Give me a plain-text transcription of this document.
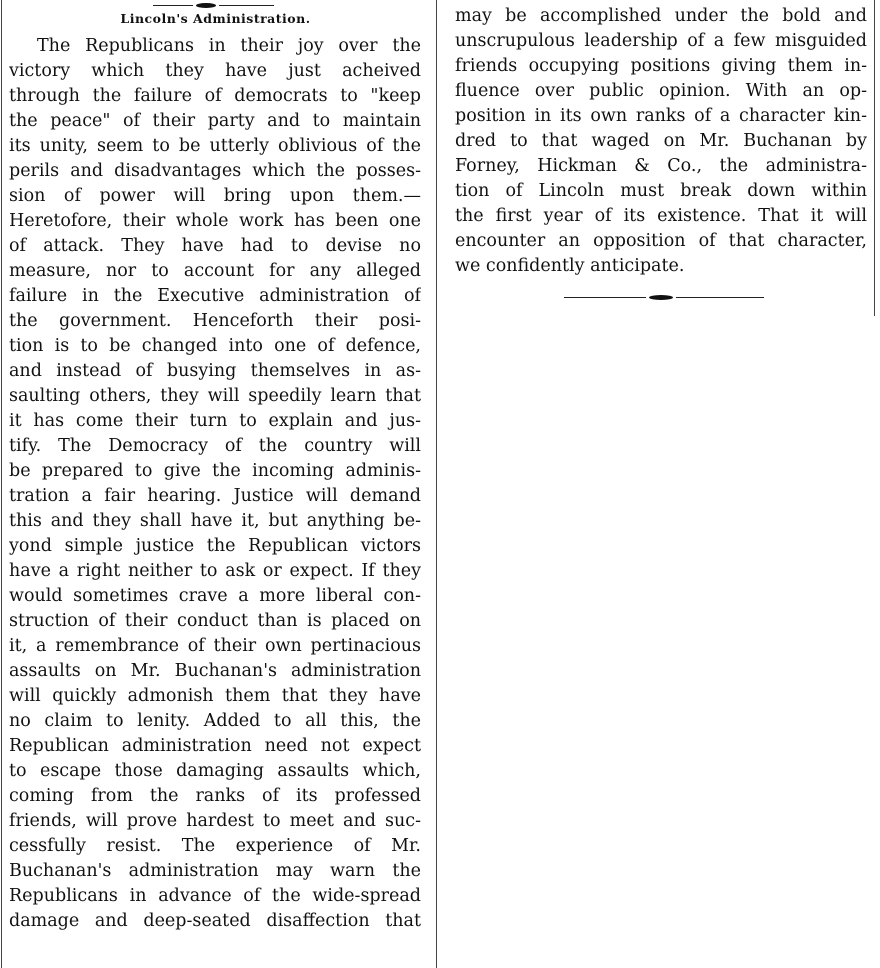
Lincoln's Administration.

The Republicans in their joy over the

victory which they have just acheived

through the failure of democrats to "keep

the peace" of their party and to maintain

its unity, seem to be utterly oblivious of the

perils and disadvantages which the posses-

sion of power will bring upon them.—

Heretofore, their whole work has been one

of attack. They have had to devise no

measure, nor to account for any alleged

failure in the Executive administration of

the government. Henceforth their posi-

tion is to be changed into one of defence,

and instead of busying themselves in as-

saulting others, they will speedily learn that

it has come their turn to explain and jus-

tify. The Democracy of the country will

be prepared to give the incoming adminis-

tration a fair hearing. Justice will demand

this and they shall have it, but anything be-

yond simple justice the Republican victors

have a right neither to ask or expect. If they

would sometimes crave a more liberal con-

struction of their conduct than is placed on

it, a remembrance of their own pertinacious

assaults on Mr. Buchanan's administration

will quickly admonish them that they have

no claim to lenity. Added to all this, the

Republican administration need not expect

to escape those damaging assaults which,

coming from the ranks of its professed

friends, will prove hardest to meet and suc-

cessfully resist. The experience of Mr.

Buchanan's administration may warn the

Republicans in advance of the wide-spread

damage and deep-seated disaffection that

may be accomplished under the bold and

unscrupulous leadership of a few misguided

friends occupying positions giving them in-

fluence over public opinion. With an op-

position in its own ranks of a character kin-

dred to that waged on Mr. Buchanan by

Forney, Hickman & Co., the administra-

tion of Lincoln must break down within

the first year of its existence. That it will

encounter an opposition of that character,

we confidently anticipate.
